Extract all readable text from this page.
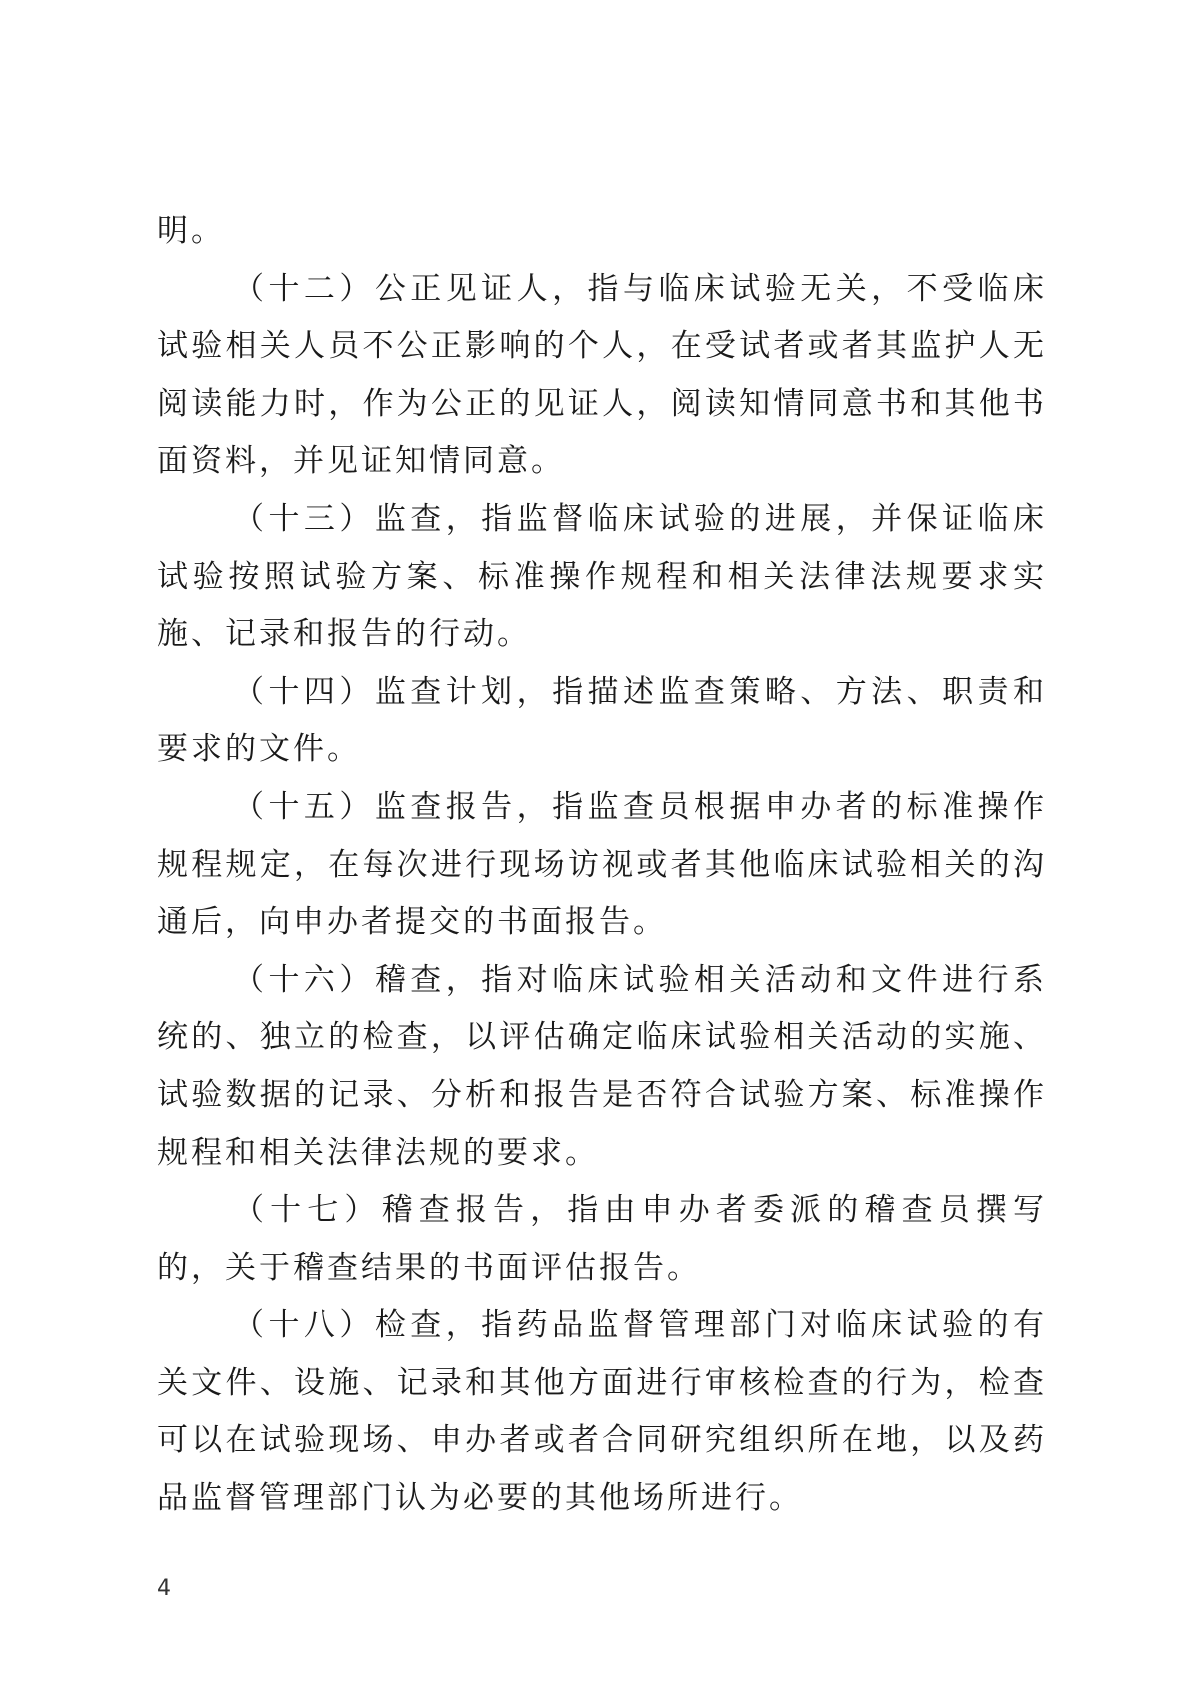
明。

（十二）公正见证人，指与临床试验无关，不受临床试验相关人员不公正影响的个人，在受试者或者其监护人无阅读能力时，作为公正的见证人，阅读知情同意书和其他书面资料，并见证知情同意。

（十三）监查，指监督临床试验的进展，并保证临床试验按照试验方案、标准操作规程和相关法律法规要求实施、记录和报告的行动。

（十四）监查计划，指描述监查策略、方法、职责和要求的文件。

（十五）监查报告，指监查员根据申办者的标准操作规程规定，在每次进行现场访视或者其他临床试验相关的沟通后，向申办者提交的书面报告。

（十六）稽查，指对临床试验相关活动和文件进行系统的、独立的检查，以评估确定临床试验相关活动的实施、试验数据的记录、分析和报告是否符合试验方案、标准操作规程和相关法律法规的要求。

（十七）稽查报告，指由申办者委派的稽查员撰写的，关于稽查结果的书面评估报告。

（十八）检查，指药品监督管理部门对临床试验的有关文件、设施、记录和其他方面进行审核检查的行为，检查可以在试验现场、申办者或者合同研究组织所在地，以及药品监督管理部门认为必要的其他场所进行。

4
